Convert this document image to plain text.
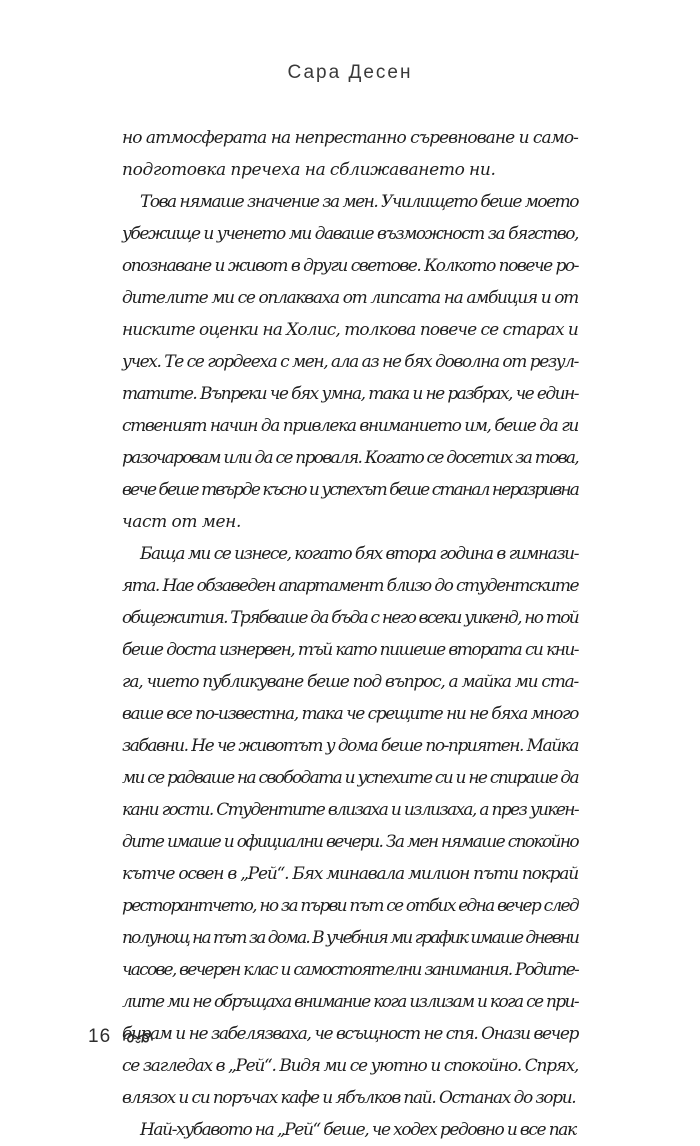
Сара Десен
но атмосферата на непрестанно съревноване и само-
подготовка пречеха на сближаването ни.
Това нямаше значение за мен. Училището беше моето
убежище и ученето ми даваше възможност за бягство,
опознаване и живот в други светове. Колкото повече ро-
дителите ми се оплакваха от липсата на амбиция и от
ниските оценки на Холис, толкова повече се старах и
учех. Те се гордееха с мен, ала аз не бях доволна от резул-
татите. Въпреки че бях умна, така и не разбрах, че един-
ственият начин да привлека вниманието им, беше да ги
разочаровам или да се проваля. Когато се досетих за това,
вече беше твърде късно и успехът беше станал неразривна
част от мен.
Баща ми се изнесе, когато бях втора година в гимнази-
ята. Нае обзаведен апартамент близо до студентските
общежития. Трябваше да бъда с него всеки уикенд, но той
беше доста изнервен, тъй като пишеше втората си кни-
га, чието публикуване беше под въпрос, а майка ми ста-
ваше все по-известна, така че срещите ни не бяха много
забавни. Не че животът у дома беше по-приятен. Майка
ми се радваше на свободата и успехите си и не спираше да
кани гости. Студентите влизаха и излизаха, а през уикен-
дите имаше и официални вечери. За мен нямаше спокойно
кътче освен в „Рей“. Бях минавала милион пъти покрай
ресторантчето, но за първи път се отбих една вечер след
полунощ на път за дома. В учебния ми график имаше дневни
часове, вечерен клас и самостоятелни занимания. Родите-
лите ми не обръщаха внимание кога излизам и кога се при-
бирам и не забелязваха, че всъщност не спя. Онази вечер
се загледах в „Рей“. Видя ми се уютно и спокойно. Спрях,
влязох и си поръчах кафе и ябълков пай. Останах до зори.
Най-хубавото на „Рей“ беше, че ходех редовно и все пак
16
